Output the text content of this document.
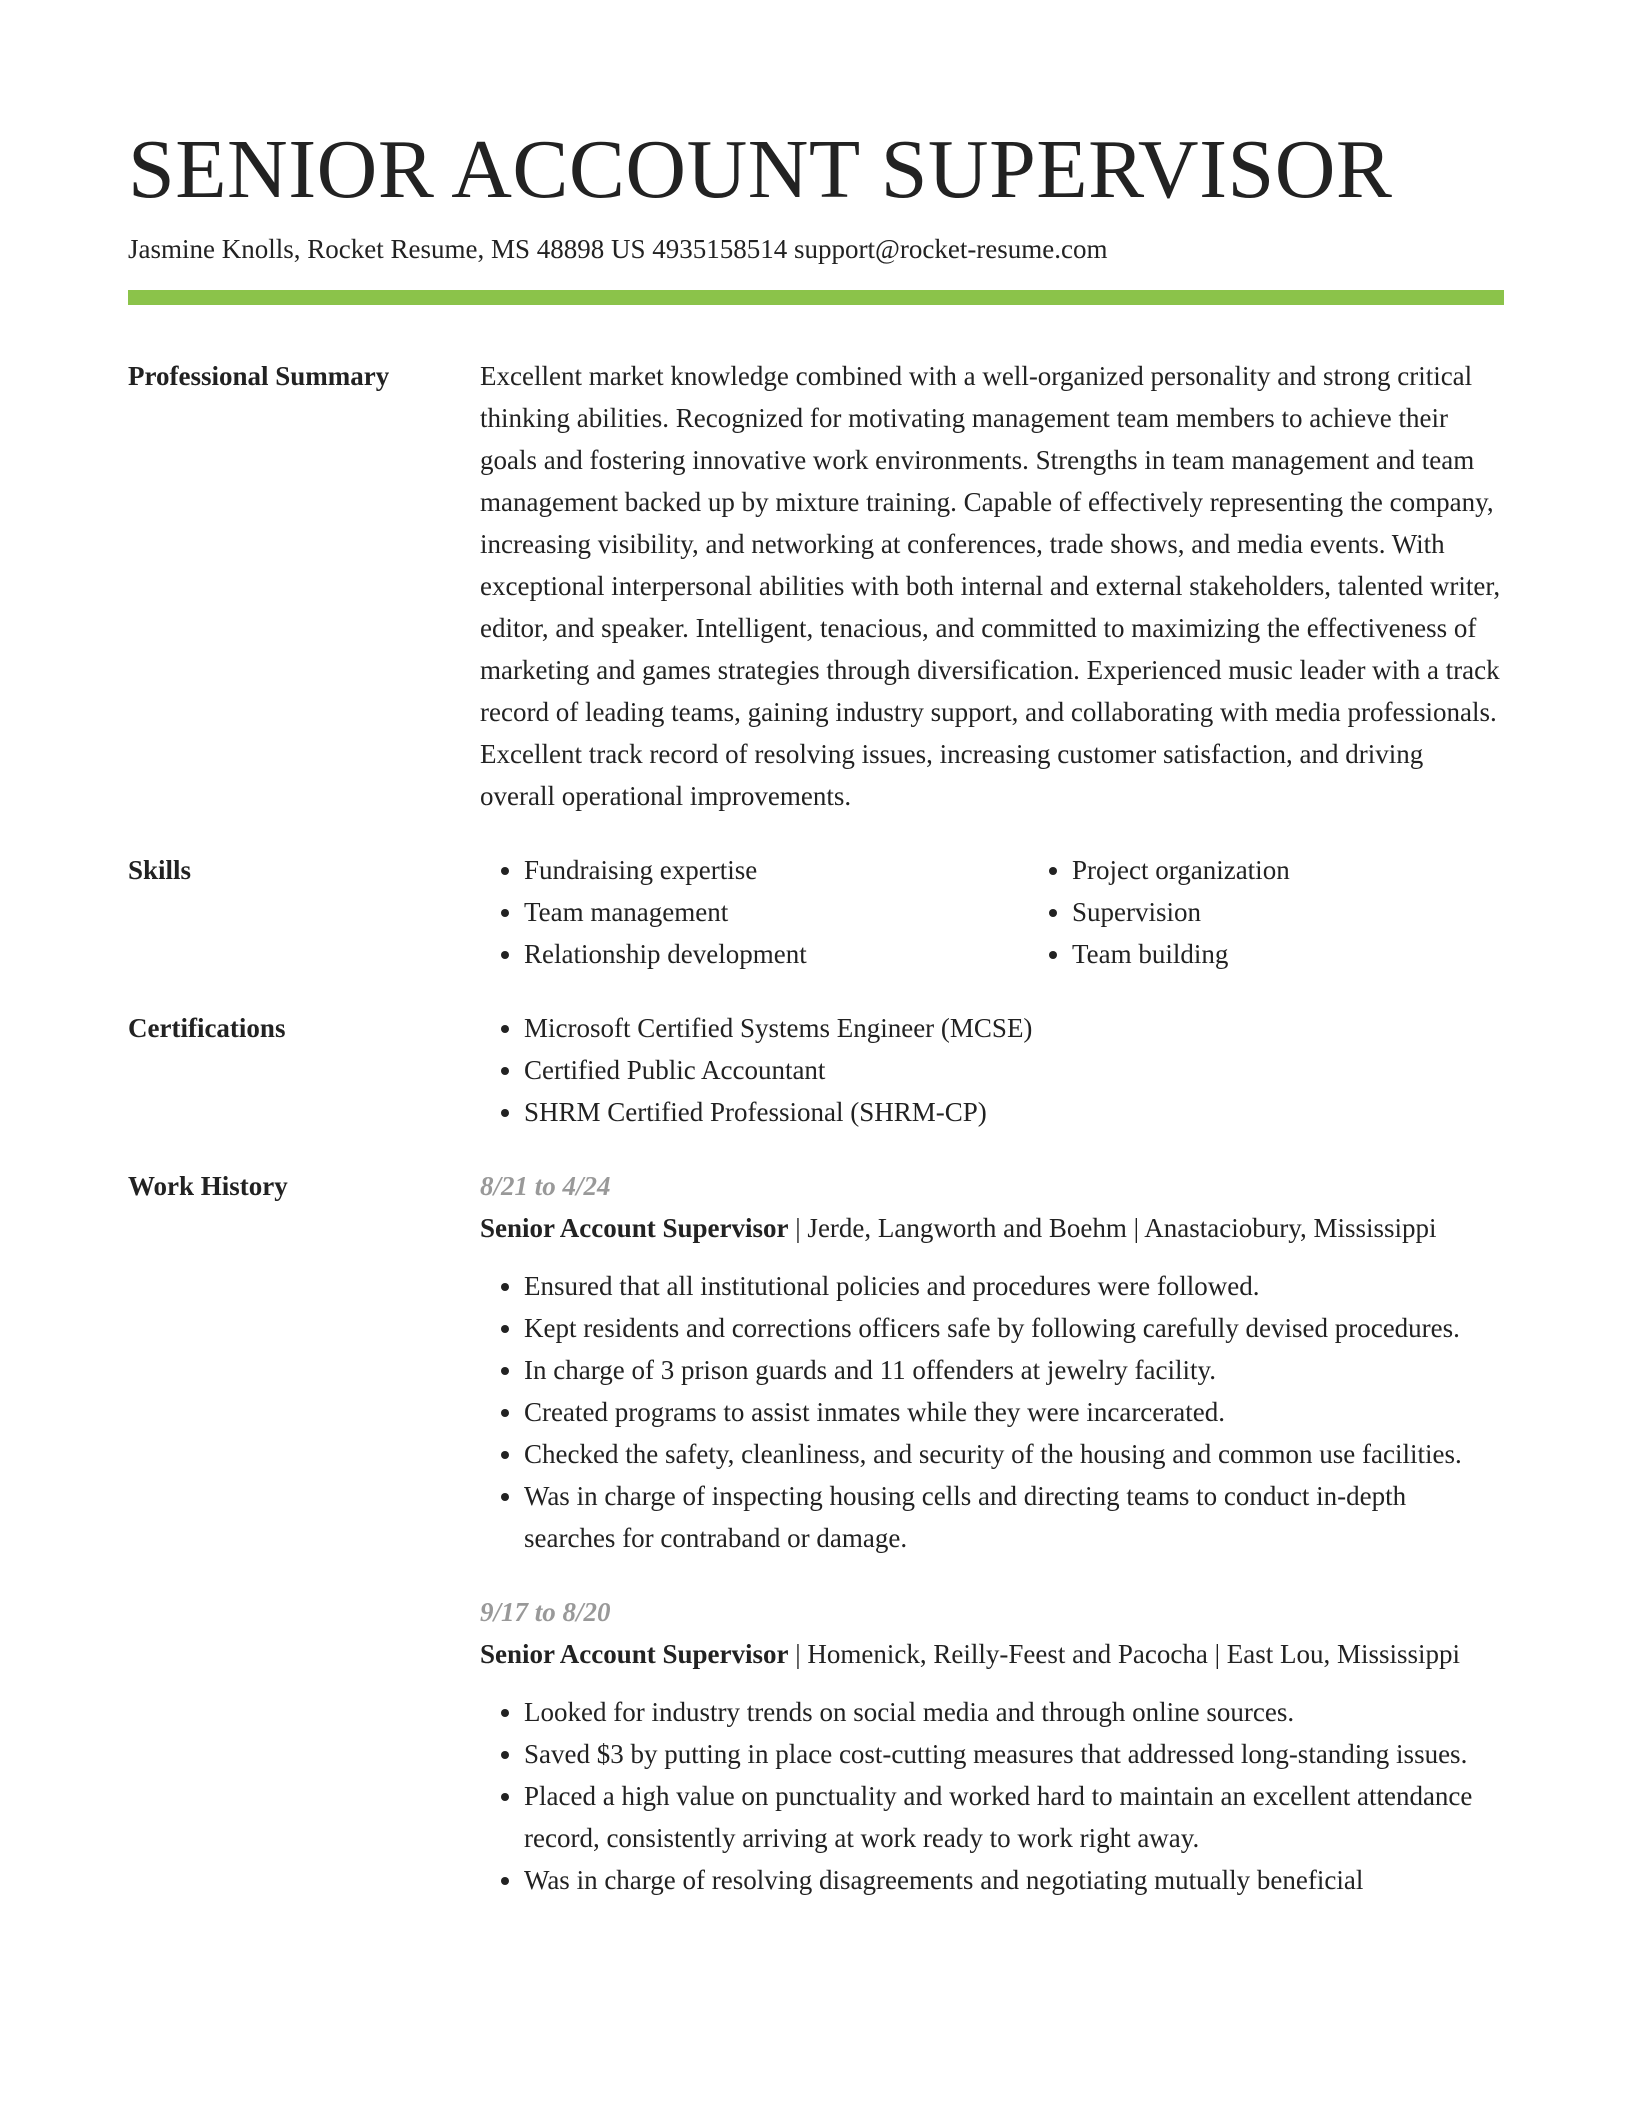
SENIOR ACCOUNT SUPERVISOR
Jasmine Knolls, Rocket Resume, MS 48898 US 4935158514 support@rocket-resume.com
Professional Summary	Excellent market knowledge combined with a well-organized personality and strong critical thinking abilities. Recognized for motivating management team members to achieve their goals and fostering innovative work environments. Strengths in team management and team management backed up by mixture training. Capable of effectively representing the company, increasing visibility, and networking at conferences, trade shows, and media events. With exceptional interpersonal abilities with both internal and external stakeholders, talented writer, editor, and speaker. Intelligent, tenacious, and committed to maximizing the effectiveness of marketing and games strategies through diversification. Experienced music leader with a track record of leading teams, gaining industry support, and collaborating with media professionals. Excellent track record of resolving issues, increasing customer satisfaction, and driving overall operational improvements.

Skills	• Fundraising expertise
• Team management
• Relationship development
• Project organization
• Supervision
• Team building
Certifications	• Microsoft Certified Systems Engineer (MCSE)
• Certified Public Accountant
• SHRM Certified Professional (SHRM-CP)
Work History	8/21 to 4/24

Senior Account Supervisor | Jerde, Langworth and Boehm | Anastaciobury, Mississippi

• Ensured that all institutional policies and procedures were followed.
• Kept residents and corrections officers safe by following carefully devised procedures.
• In charge of 3 prison guards and 11 offenders at jewelry facility.
• Created programs to assist inmates while they were incarcerated.
• Checked the safety, cleanliness, and security of the housing and common use facilities.
• Was in charge of inspecting housing cells and directing teams to conduct in-depth searches for contraband or damage.
9/17 to 8/20

Senior Account Supervisor | Homenick, Reilly-Feest and Pacocha | East Lou, Mississippi

• Looked for industry trends on social media and through online sources.
• Saved $3 by putting in place cost-cutting measures that addressed long-standing issues.
• Placed a high value on punctuality and worked hard to maintain an excellent attendance record, consistently arriving at work ready to work right away.
• Was in charge of resolving disagreements and negotiating mutually beneficial
